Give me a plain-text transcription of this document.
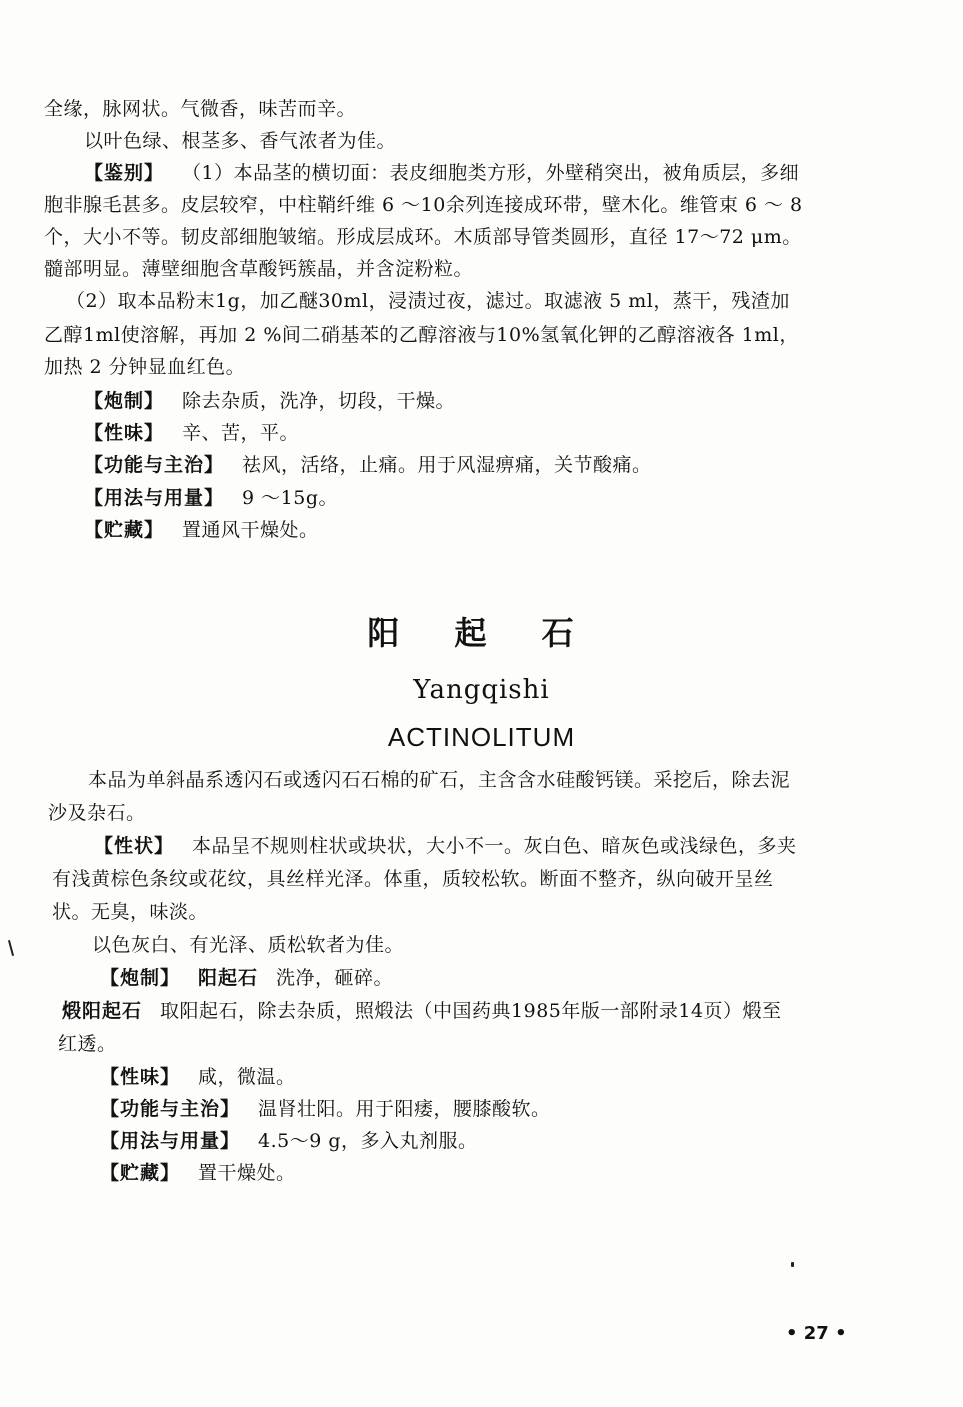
全缘，脉网状。气微香，味苦而辛。
以叶色绿、根茎多、香气浓者为佳。
【鉴别】 （1）本品茎的横切面：表皮细胞类方形，外壁稍突出，被角质层，多细
胞非腺毛甚多。皮层较窄，中柱鞘纤维 6 ～10余列连接成环带，壁木化。维管束 6 ～ 8
个，大小不等。韧皮部细胞皱缩。形成层成环。木质部导管类圆形，直径 17～72 μm。
髓部明显。薄壁细胞含草酸钙簇晶，并含淀粉粒。
（2）取本品粉末1g，加乙醚30ml，浸渍过夜，滤过。取滤液 5 ml，蒸干，残渣加
乙醇1ml使溶解，再加 2 %间二硝基苯的乙醇溶液与10%氢氧化钾的乙醇溶液各 1ml，
加热 2 分钟显血红色。
【炮制】 除去杂质，洗净，切段，干燥。
【性味】 辛、苦，平。
【功能与主治】 祛风，活络，止痛。用于风湿痹痛，关节酸痛。
【用法与用量】 9 ～15g。
【贮藏】 置通风干燥处。
阳 起 石
Yangqishi
ACTINOLITUM
本品为单斜晶系透闪石或透闪石石棉的矿石，主含含水硅酸钙镁。采挖后，除去泥
沙及杂石。
【性状】 本品呈不规则柱状或块状，大小不一。灰白色、暗灰色或浅绿色，多夹
有浅黄棕色条纹或花纹，具丝样光泽。体重，质较松软。断面不整齐，纵向破开呈丝
状。无臭，味淡。
以色灰白、有光泽、质松软者为佳。
【炮制】 阳起石 洗净，砸碎。
煅阳起石 取阳起石，除去杂质，照煅法（中国药典1985年版一部附录14页）煅至
红透。
【性味】 咸，微温。
【功能与主治】 温肾壮阳。用于阳痿，腰膝酸软。
【用法与用量】 4.5～9 g，多入丸剂服。
【贮藏】 置干燥处。
• 27 •
